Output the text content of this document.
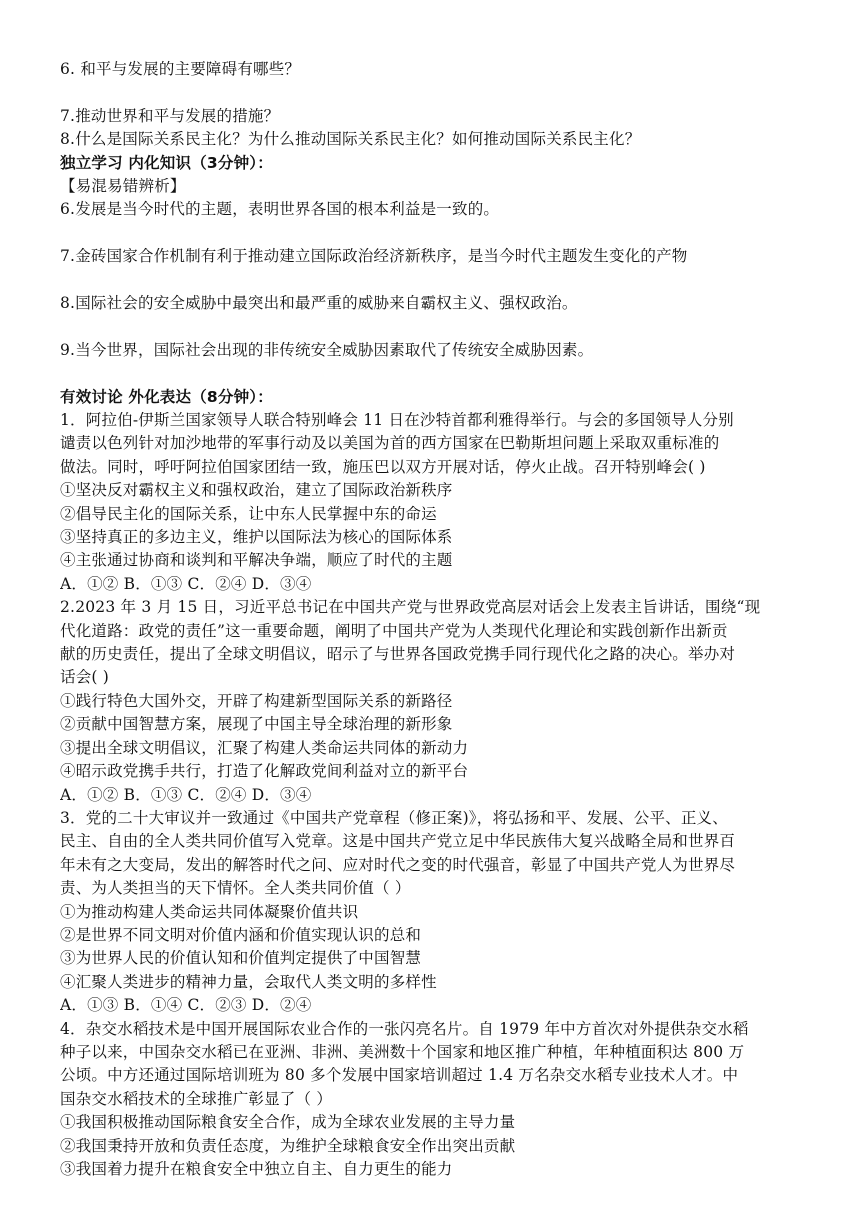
6. 和平与发展的主要障碍有哪些？
7.推动世界和平与发展的措施？
8.什么是国际关系民主化？为什么推动国际关系民主化？如何推动国际关系民主化？
独立学习 内化知识（3分钟）：
【易混易错辨析】
6.发展是当今时代的主题，表明世界各国的根本利益是一致的。
7.金砖国家合作机制有利于推动建立国际政治经济新秩序，是当今时代主题发生变化的产物
8.国际社会的安全威胁中最突出和最严重的威胁来自霸权主义、强权政治。
9.当今世界，国际社会出现的非传统安全威胁因素取代了传统安全威胁因素。
有效讨论 外化表达（8分钟）：
1．阿拉伯-伊斯兰国家领导人联合特别峰会 11 日在沙特首都利雅得举行。与会的多国领导人分别
谴责以色列针对加沙地带的军事行动及以美国为首的西方国家在巴勒斯坦问题上采取双重标准的
做法。同时，呼吁阿拉伯国家团结一致，施压巴以双方开展对话，停火止战。召开特别峰会( )
①坚决反对霸权主义和强权政治，建立了国际政治新秩序
②倡导民主化的国际关系，让中东人民掌握中东的命运
③坚持真正的多边主义，维护以国际法为核心的国际体系
④主张通过协商和谈判和平解决争端，顺应了时代的主题
A．①② B．①③ C．②④ D．③④
2.2023 年 3 月 15 日，习近平总书记在中国共产党与世界政党高层对话会上发表主旨讲话，围绕“现
代化道路：政党的责任”这一重要命题，阐明了中国共产党为人类现代化理论和实践创新作出新贡
献的历史责任，提出了全球文明倡议，昭示了与世界各国政党携手同行现代化之路的决心。举办对
话会( )
①践行特色大国外交，开辟了构建新型国际关系的新路径
②贡献中国智慧方案，展现了中国主导全球治理的新形象
③提出全球文明倡议，汇聚了构建人类命运共同体的新动力
④昭示政党携手共行，打造了化解政党间利益对立的新平台
A．①② B．①③ C．②④ D．③④
3．党的二十大审议并一致通过《中国共产党章程（修正案)》，将弘扬和平、发展、公平、正义、
民主、自由的全人类共同价值写入党章。这是中国共产党立足中华民族伟大复兴战略全局和世界百
年未有之大变局，发出的解答时代之问、应对时代之变的时代强音，彰显了中国共产党人为世界尽
责、为人类担当的天下情怀。全人类共同价值（ ）
①为推动构建人类命运共同体凝聚价值共识
②是世界不同文明对价值内涵和价值实现认识的总和
③为世界人民的价值认知和价值判定提供了中国智慧
④汇聚人类进步的精神力量，会取代人类文明的多样性
A．①③ B．①④ C．②③ D．②④
4．杂交水稻技术是中国开展国际农业合作的一张闪亮名片。自 1979 年中方首次对外提供杂交水稻
种子以来，中国杂交水稻已在亚洲、非洲、美洲数十个国家和地区推广种植，年种植面积达 800 万
公顷。中方还通过国际培训班为 80 多个发展中国家培训超过 1.4 万名杂交水稻专业技术人才。中
国杂交水稻技术的全球推广彰显了（ ）
①我国积极推动国际粮食安全合作，成为全球农业发展的主导力量
②我国秉持开放和负责任态度，为维护全球粮食安全作出突出贡献
③我国着力提升在粮食安全中独立自主、自力更生的能力
